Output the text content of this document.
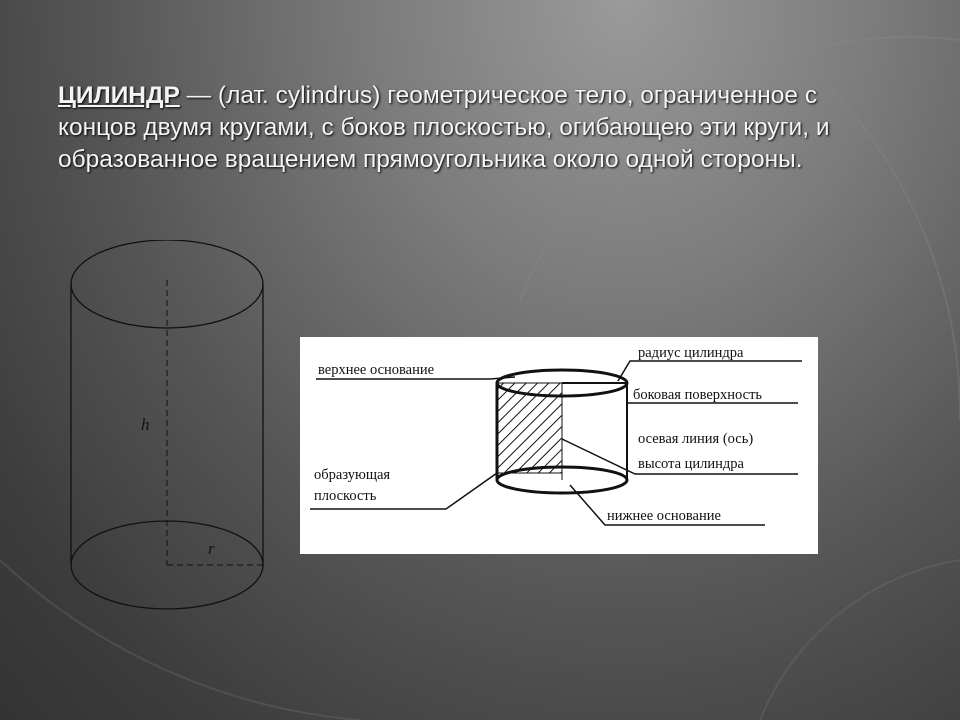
ЦИЛИНДР — (лат. cylindrus) геометрическое тело, ограниченное с концов двумя кругами, с боков плоскостью, огибающею эти круги, и образованное вращением прямоугольника около одной стороны.
h
r
верхнее основание
радиус цилиндра
боковая поверхность
осевая линия (ось)
высота цилиндра
образующая
плоскость
нижнее основание
